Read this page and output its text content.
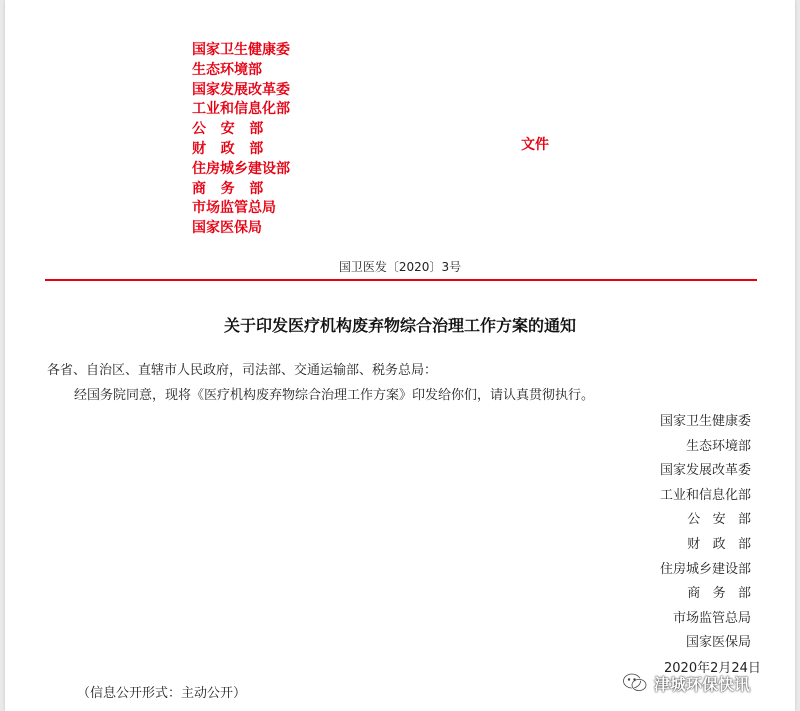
国家卫生健康委
生态环境部
国家发展改革委
工业和信息化部
公   安   部
财   政   部
住房城乡建设部
商   务   部
市场监管总局
国家医保局
文件
国卫医发〔2020〕3号
关于印发医疗机构废弃物综合治理工作方案的通知
各省、自治区、直辖市人民政府，司法部、交通运输部、税务总局：
经国务院同意，现将《医疗机构废弃物综合治理工作方案》印发给你们，请认真贯彻执行。
国家卫生健康委
生态环境部
国家发展改革委
工业和信息化部
公   安   部
财   政   部
住房城乡建设部
商   务   部
市场监管总局
国家医保局
2020年2月24日
（信息公开形式：主动公开）	津城环保快讯
